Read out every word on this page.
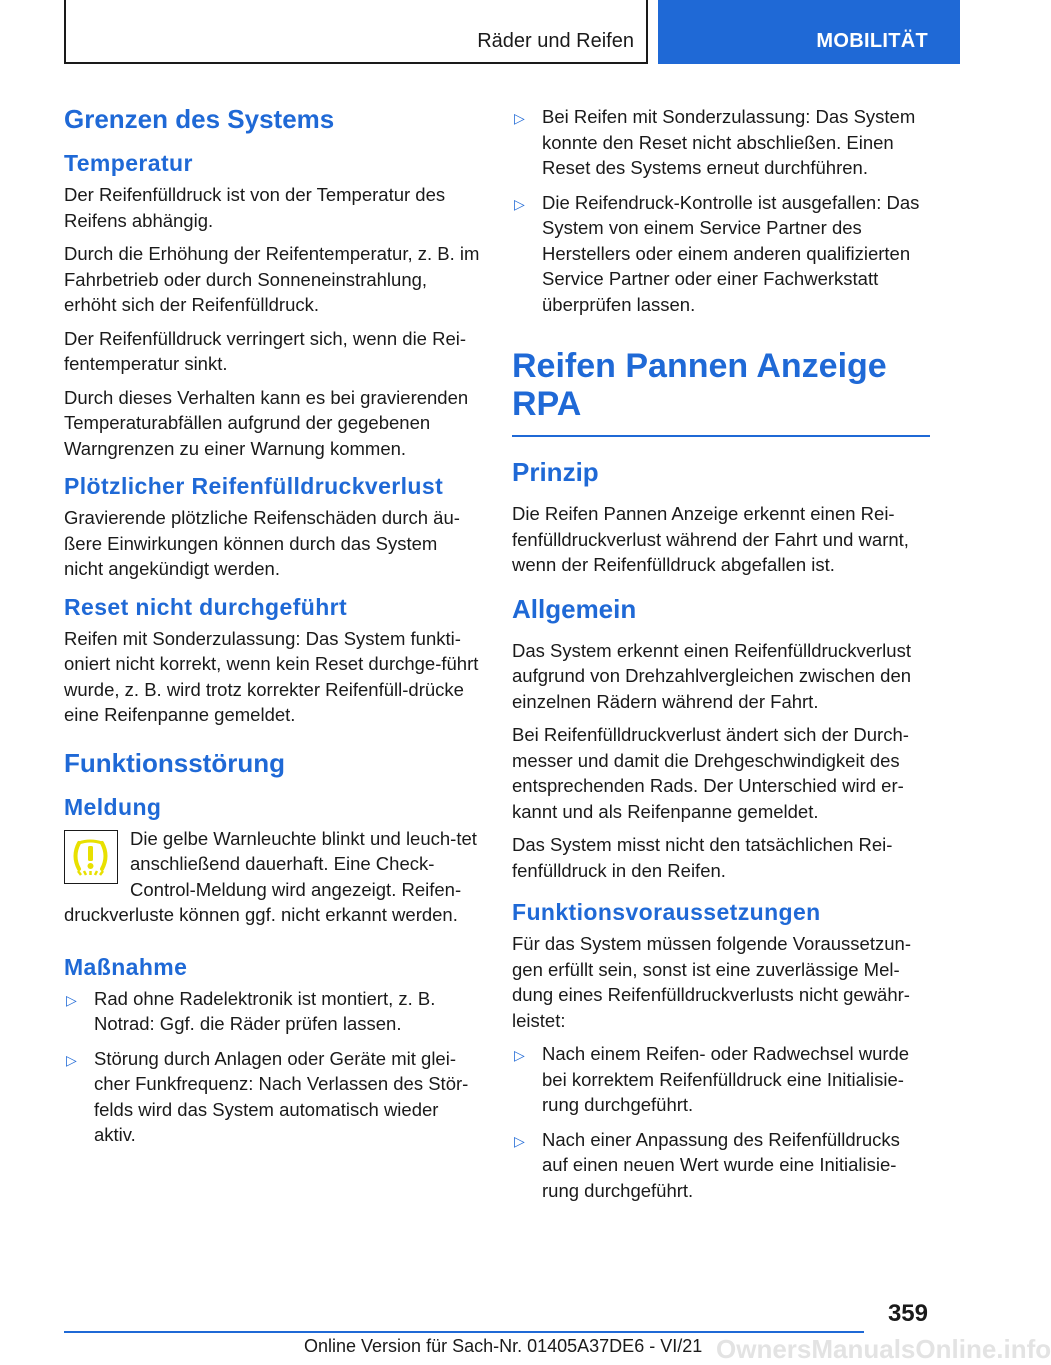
Räder und Reifen	MOBILITÄT
Grenzen des Systems
Temperatur

Der Reifenfülldruck ist von der Temperatur des Reifens abhängig.

Durch die Erhöhung der Reifentemperatur, z. B. im Fahrbetrieb oder durch Sonneneinstrahlung, erhöht sich der Reifenfülldruck.

Der Reifenfülldruck verringert sich, wenn die Rei-fentemperatur sinkt.

Durch dieses Verhalten kann es bei gravierenden Temperaturabfällen aufgrund der gegebenen Warngrenzen zu einer Warnung kommen.

Plötzlicher Reifenfülldruckverlust

Gravierende plötzliche Reifenschäden durch äu-ßere Einwirkungen können durch das System nicht angekündigt werden.

Reset nicht durchgeführt

Reifen mit Sonderzulassung: Das System funkti-oniert nicht korrekt, wenn kein Reset durchge-führt wurde, z. B. wird trotz korrekter Reifenfüll-drücke eine Reifenpanne gemeldet.

Funktionsstörung
Meldung

Die gelbe Warnleuchte blinkt und leuch-tet anschließend dauerhaft. Eine Check-Control-Meldung wird angezeigt. Reifen-druckverluste können ggf. nicht erkannt werden.

Maßnahme
▷ Rad ohne Radelektronik ist montiert, z. B. Notrad: Ggf. die Räder prüfen lassen.
▷ Störung durch Anlagen oder Geräte mit glei-cher Funkfrequenz: Nach Verlassen des Stör-felds wird das System automatisch wieder aktiv.
▷ Bei Reifen mit Sonderzulassung: Das System konnte den Reset nicht abschließen. Einen Reset des Systems erneut durchführen.
▷ Die Reifendruck-Kontrolle ist ausgefallen: Das System von einem Service Partner des Herstellers oder einem anderen qualifizierten Service Partner oder einer Fachwerkstatt überprüfen lassen.
Reifen Pannen Anzeige RPA
Prinzip

Die Reifen Pannen Anzeige erkennt einen Rei-fenfülldruckverlust während der Fahrt und warnt, wenn der Reifenfülldruck abgefallen ist.

Allgemein

Das System erkennt einen Reifenfülldruckverlust aufgrund von Drehzahlvergleichen zwischen den einzelnen Rädern während der Fahrt.

Bei Reifenfülldruckverlust ändert sich der Durch-messer und damit die Drehgeschwindigkeit des entsprechenden Rads. Der Unterschied wird er-kannt und als Reifenpanne gemeldet.

Das System misst nicht den tatsächlichen Rei-fenfülldruck in den Reifen.

Funktionsvoraussetzungen

Für das System müssen folgende Voraussetzun-gen erfüllt sein, sonst ist eine zuverlässige Mel-dung eines Reifenfülldruckverlusts nicht gewähr-leistet:

▷ Nach einem Reifen- oder Radwechsel wurde bei korrektem Reifenfülldruck eine Initialisie-rung durchgeführt.
▷ Nach einer Anpassung des Reifenfülldrucks auf einen neuen Wert wurde eine Initialisie-rung durchgeführt.
359
Online Version für Sach-Nr. 01405A37DE6 - VI/21 OwnersManualsOnline.info
